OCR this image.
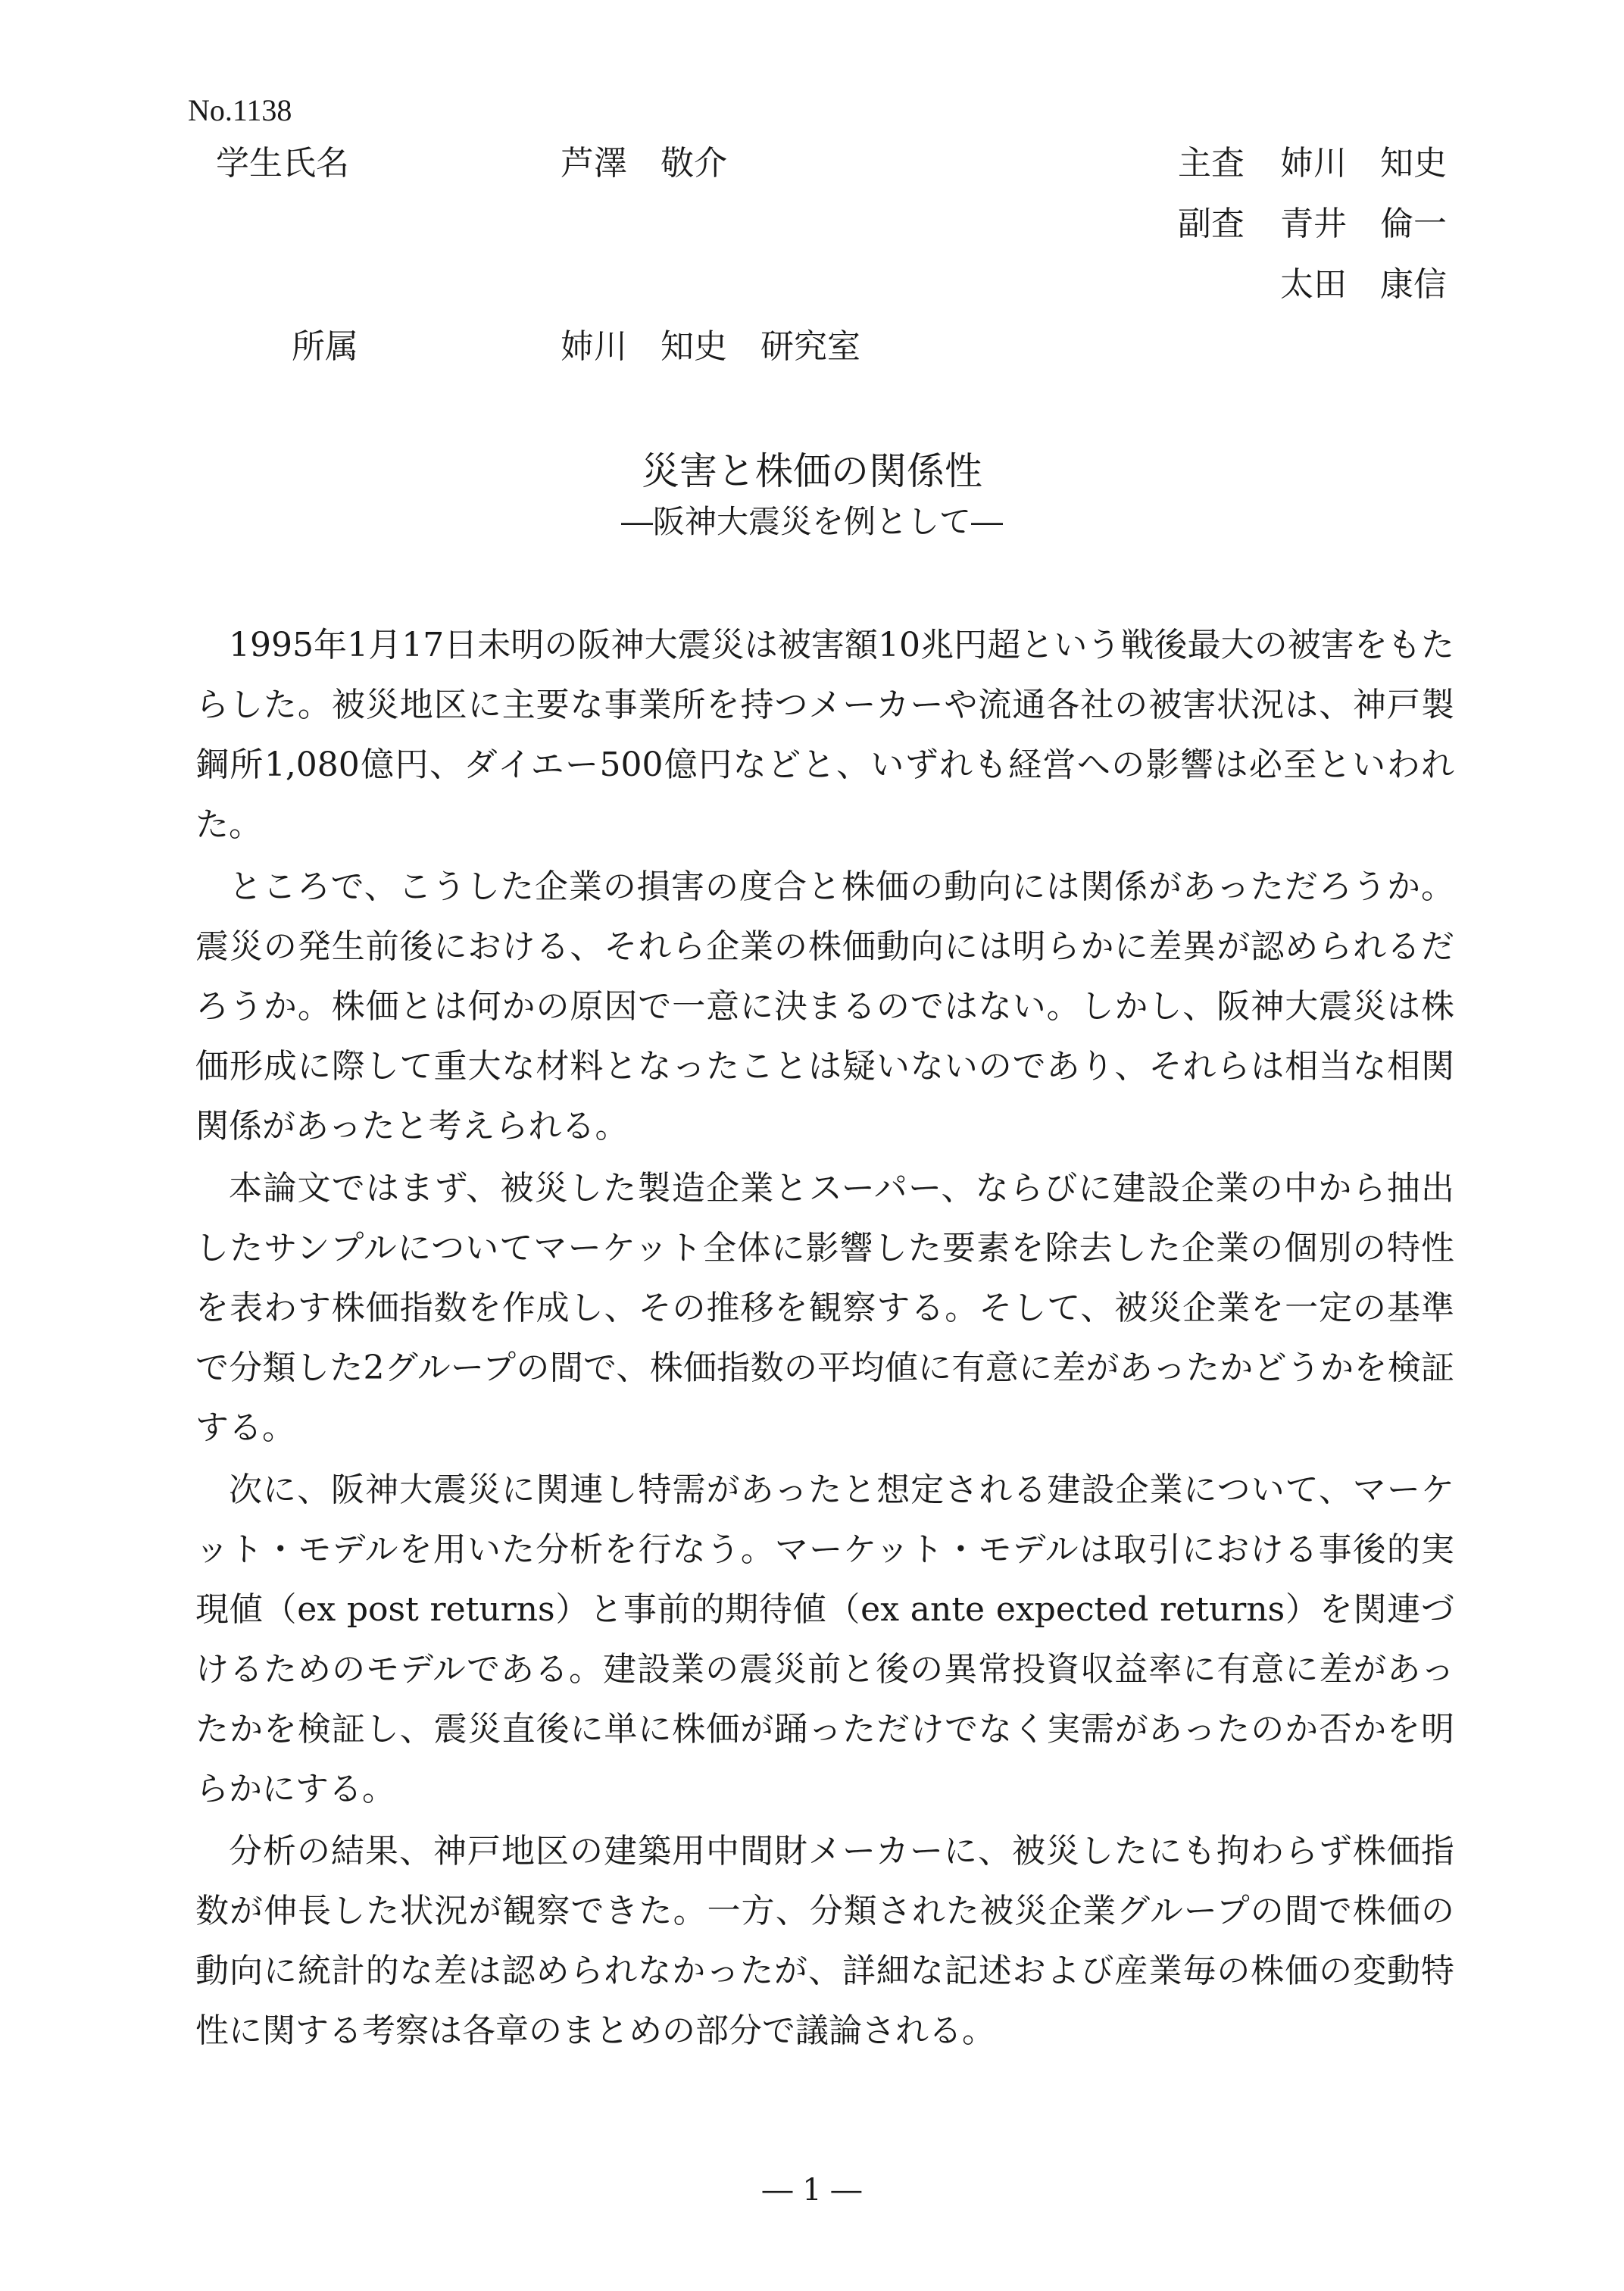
No.1138
学生氏名	芦澤　敬介	主査 姉川　知史
副査 青井　倫一
太田　康信
所属	姉川　知史　研究室
災害と株価の関係性
―阪神大震災を例として―

1995年1月17日未明の阪神大震災は被害額10兆円超という戦後最大の被害をもたらした。被災地区に主要な事業所を持つメーカーや流通各社の被害状況は、神戸製鋼所1,080億円、ダイエー500億円などと、いずれも経営への影響は必至といわれた。

ところで、こうした企業の損害の度合と株価の動向には関係があっただろうか。震災の発生前後における、それら企業の株価動向には明らかに差異が認められるだろうか。株価とは何かの原因で一意に決まるのではない。しかし、阪神大震災は株価形成に際して重大な材料となったことは疑いないのであり、それらは相当な相関関係があったと考えられる。

本論文ではまず、被災した製造企業とスーパー、ならびに建設企業の中から抽出したサンプルについてマーケット全体に影響した要素を除去した企業の個別の特性を表わす株価指数を作成し、その推移を観察する。そして、被災企業を一定の基準で分類した2グループの間で、株価指数の平均値に有意に差があったかどうかを検証する。

次に、阪神大震災に関連し特需があったと想定される建設企業について、マーケット・モデルを用いた分析を行なう。マーケット・モデルは取引における事後的実現値（ex post returns）と事前的期待値（ex ante expected returns）を関連づけるためのモデルである。建設業の震災前と後の異常投資収益率に有意に差があったかを検証し、震災直後に単に株価が踊っただけでなく実需があったのか否かを明らかにする。

分析の結果、神戸地区の建築用中間財メーカーに、被災したにも拘わらず株価指数が伸長した状況が観察できた。一方、分類された被災企業グループの間で株価の動向に統計的な差は認められなかったが、詳細な記述および産業毎の株価の変動特性に関する考察は各章のまとめの部分で議論される。

― 1 ―
